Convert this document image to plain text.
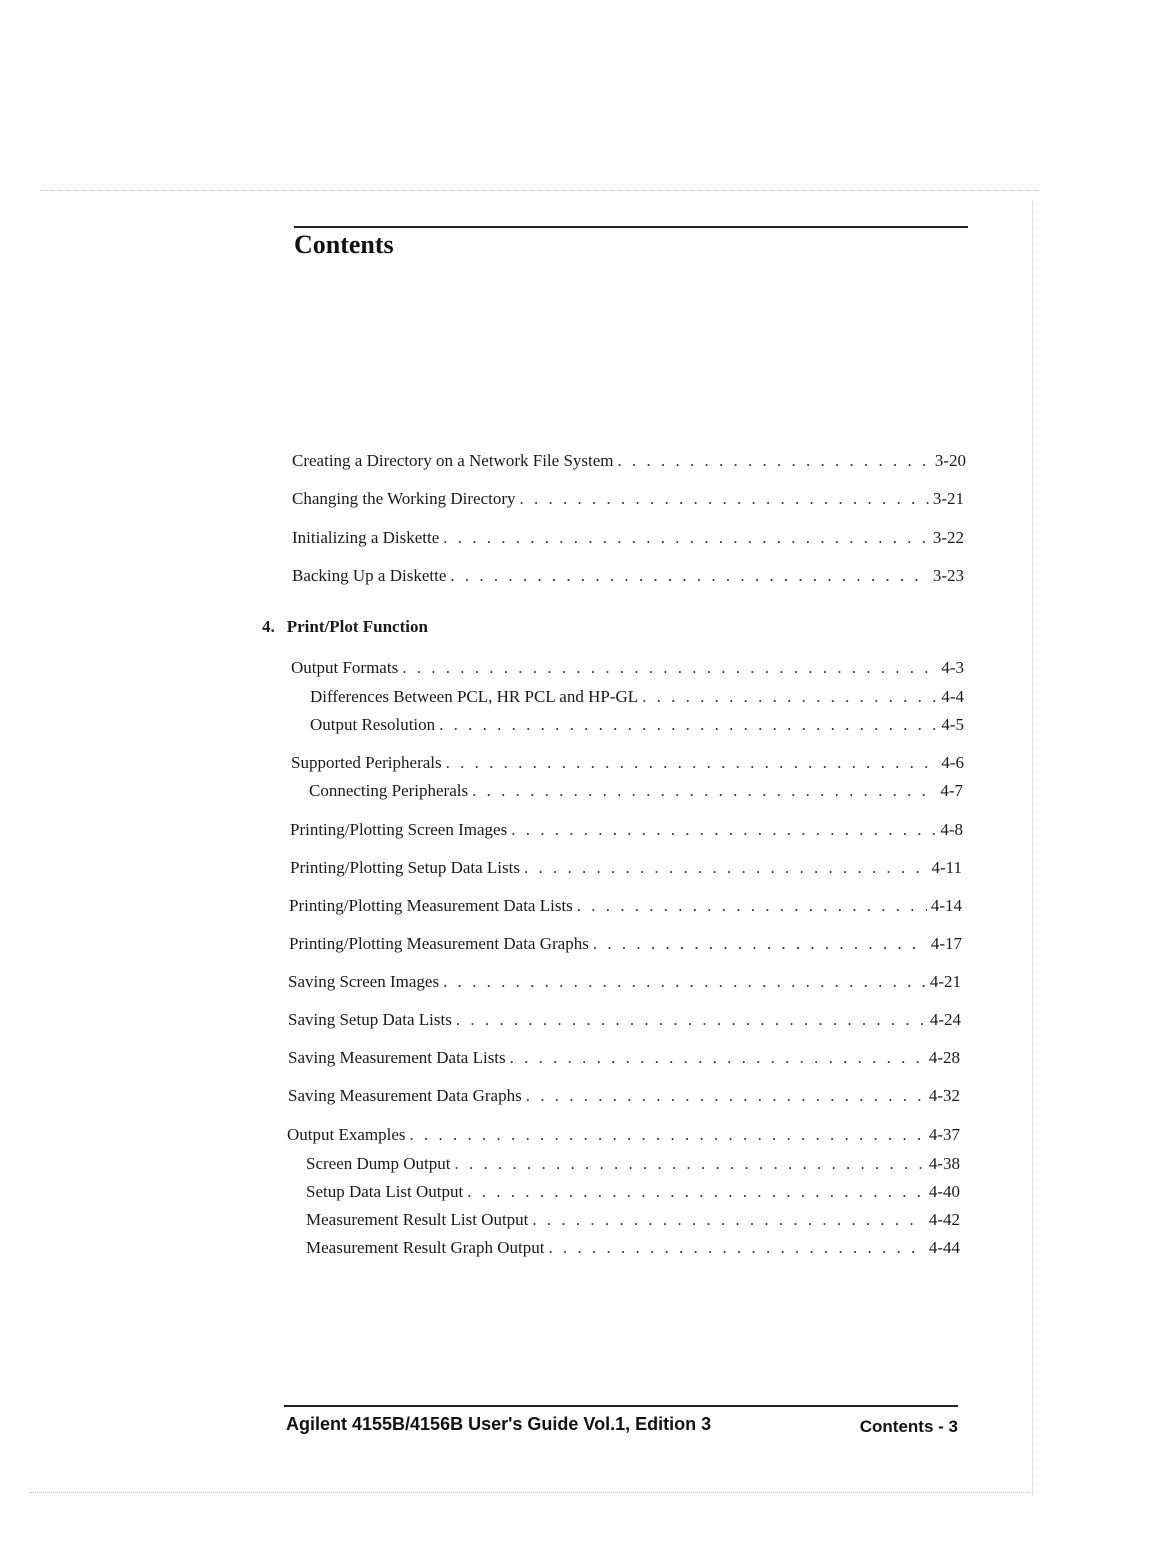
Contents
Creating a Directory on a Network File System . . .	3-20
Changing the Working Directory . . .	3-21
Initializing a Diskette . . .	3-22
Backing Up a Diskette . . .	3-23
4. Print/Plot Function
Output Formats . . .	4-3
Differences Between PCL, HR PCL and HP-GL . . .	4-4
Output Resolution . . .	4-5
Supported Peripherals . . .	4-6
Connecting Peripherals . . .	4-7
Printing/Plotting Screen Images . . .	4-8
Printing/Plotting Setup Data Lists . . .	4-11
Printing/Plotting Measurement Data Lists . . .	4-14
Printing/Plotting Measurement Data Graphs . . .	4-17
Saving Screen Images . . .	4-21
Saving Setup Data Lists . . .	4-24
Saving Measurement Data Lists . . .	4-28
Saving Measurement Data Graphs . . .	4-32
Output Examples . . .	4-37
Screen Dump Output . . .	4-38
Setup Data List Output . . .	4-40
Measurement Result List Output . . .	4-42
Measurement Result Graph Output . . .	4-44
Agilent 4155B/4156B User's Guide Vol.1, Edition 3	Contents - 3
